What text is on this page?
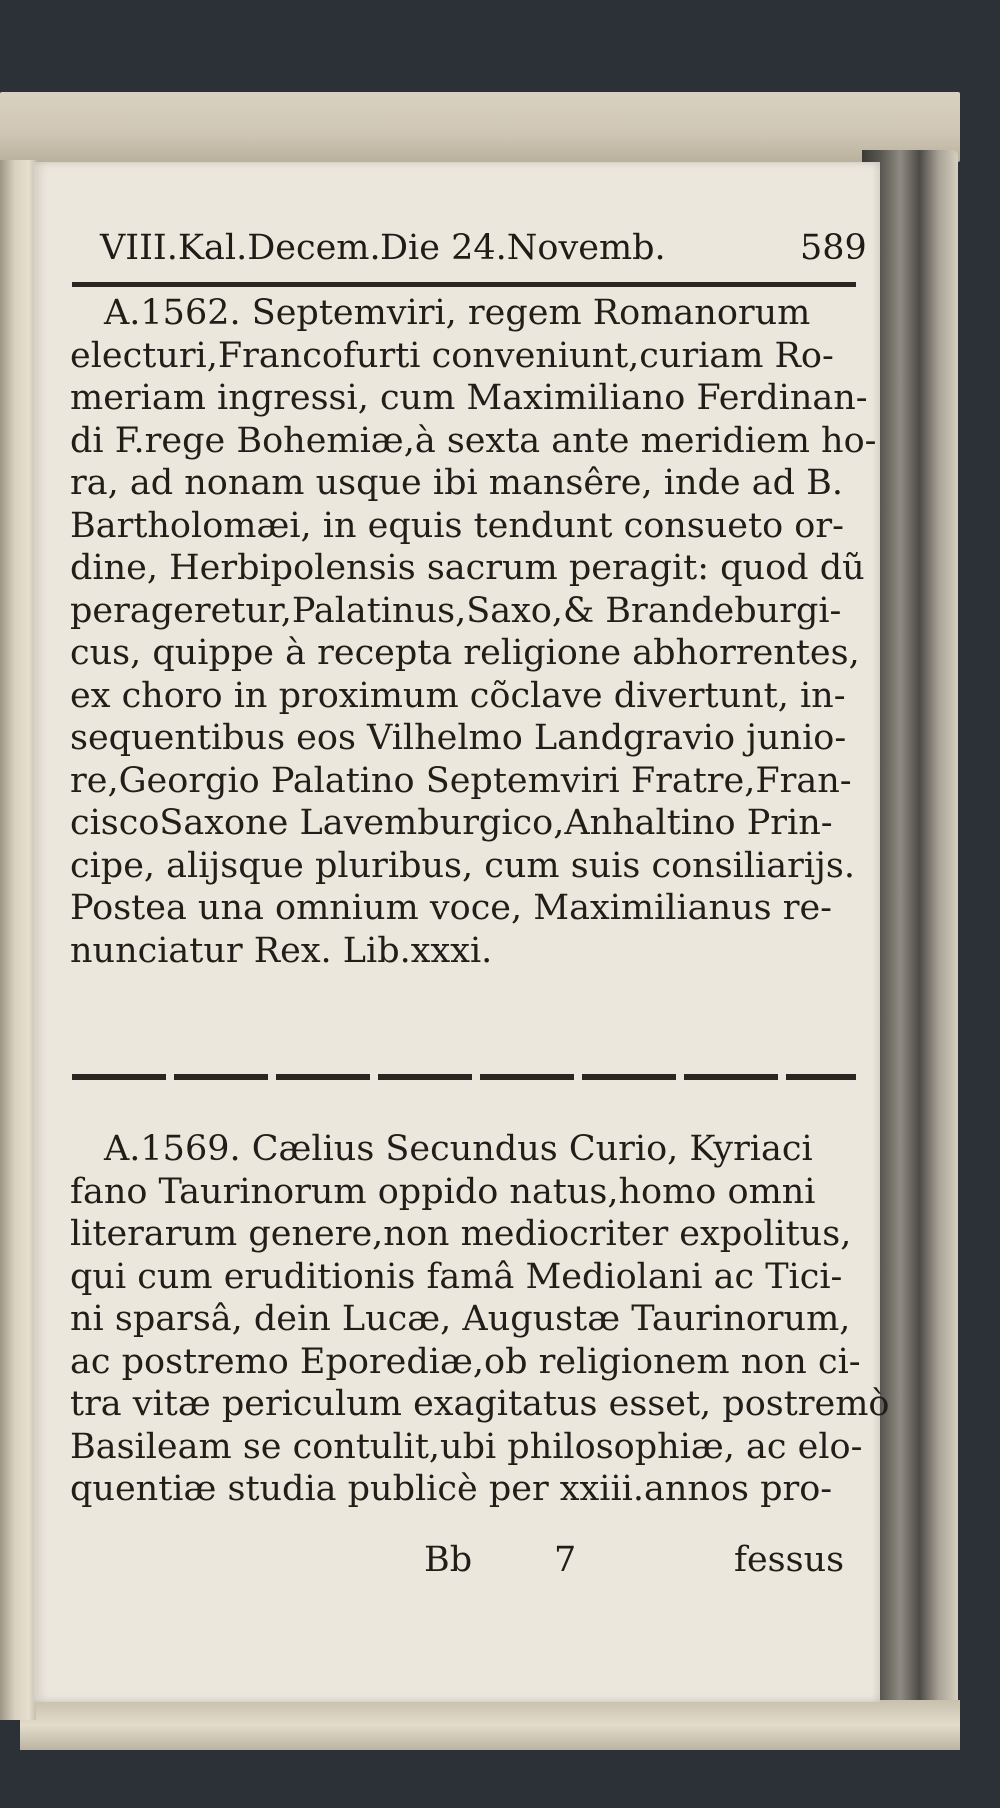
VIII.Kal.Decem. Die 24.Novemb.	589
A.1562. Septemviri, regem Romanorum
electuri,Francofurti conveniunt,curiam Ro-
meriam ingressi, cum Maximiliano Ferdinan-
di F.rege Bohemiæ,à sexta ante meridiem ho-
ra, ad nonam usque ibi mansêre, inde ad B.
Bartholomæi, in equis tendunt consueto or-
dine, Herbipolensis sacrum peragit: quod dũ
perageretur,Palatinus,Saxo,& Brandeburgi-
cus, quippe à recepta religione abhorrentes,
ex choro in proximum cõclave divertunt, in-
sequentibus eos Vilhelmo Landgravio junio-
re,Georgio Palatino Septemviri Fratre,Fran-
ciscoSaxone Lavemburgico,Anhaltino Prin-
cipe, alijsque pluribus, cum suis consiliarijs.
Postea una omnium voce, Maximilianus re-
nunciatur Rex. Lib.xxxi.
A.1569. Cælius Secundus Curio, Kyriaci
fano Taurinorum oppido natus,homo omni
literarum genere,non mediocriter expolitus,
qui cum eruditionis famâ Mediolani ac Tici-
ni sparsâ, dein Lucæ, Augustæ Taurinorum,
ac postremo Eporediæ,ob religionem non ci-
tra vitæ periculum exagitatus esset, postremò
Basileam se contulit,ubi philosophiæ, ac elo-
quentiæ studia publicè per xxiii.annos pro-
Bb 7	fessus
